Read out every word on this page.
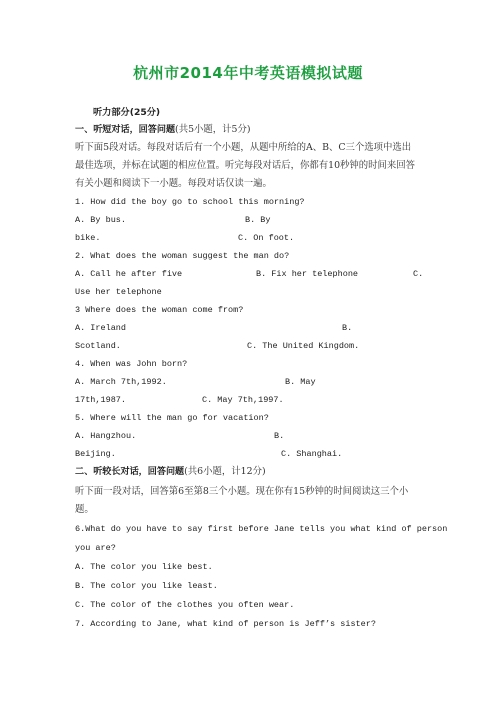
杭州市2014年中考英语模拟试题
听力部分(25分)
一、听短对话，回答问题(共5小题，计5分)
听下面5段对话。每段对话后有一个小题，从题中所给的A、B、C三个选项中选出
最佳选项，并标在试题的相应位置。听完每段对话后，你都有10秒钟的时间来回答
有关小题和阅读下一小题。每段对话仅读一遍。
1. How did the boy go to school this morning?
A. By bus.	B. By
bike.	C. On foot.
2. What does the woman suggest the man do?
A. Call he after five	B. Fix her telephone	C.
Use her telephone
3 Where does the woman come from?
A. Ireland	B.
Scotland.	C. The United Kingdom.
4. When was John born?
A. March 7th,1992.	B. May
17th,1987.	C. May 7th,1997.
5. Where will the man go for vacation?
A. Hangzhou.	B.
Beijing.	C. Shanghai.
二、听较长对话，回答问题(共6小题，计12分)
听下面一段对话，回答第6至第8三个小题。现在你有15秒钟的时间阅读这三个小
题。
6.What do you have to say first before Jane tells you what kind of person
you are?
A. The color you like best.
B. The color you like least.
C. The color of the clothes you often wear.
7. According to Jane, what kind of person is Jeff’s sister?
